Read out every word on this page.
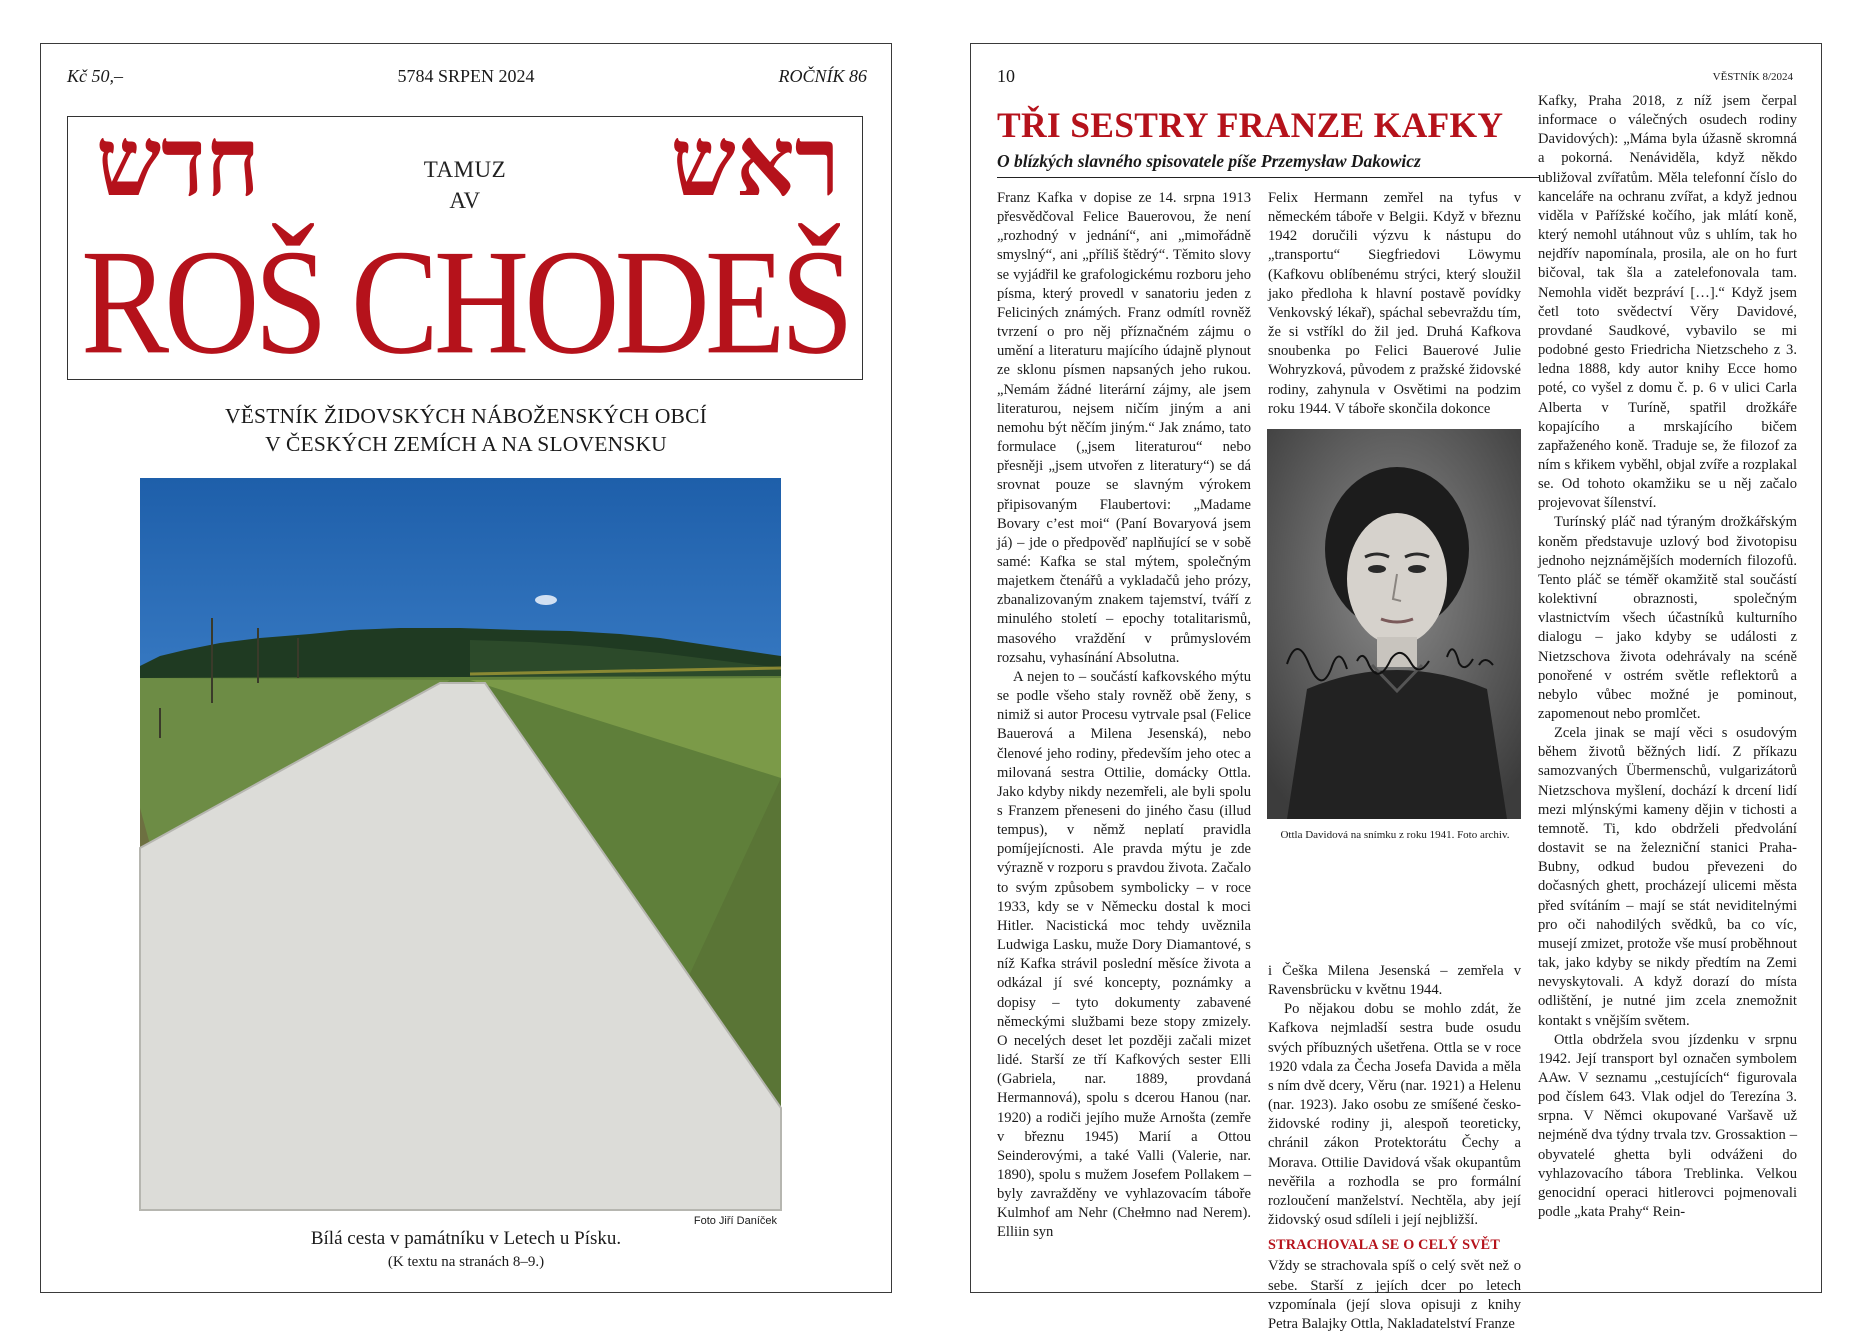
Kč 50,–	5784 SRPEN 2024	ROČNÍK 86
חדש	ראש
TAMUZ
AV
ROŠ CHODEŠ
VĚSTNÍK ŽIDOVSKÝCH NÁBOŽENSKÝCH OBCÍ
V ČESKÝCH ZEMÍCH A NA SLOVENSKU
Foto Jiří Daníček
Bílá cesta v památníku v Letech u Písku.
(K textu na stranách 8–9.)
10	VĚSTNÍK 8/2024
TŘI SESTRY FRANZE KAFKY
O blízkých slavného spisovatele píše Przemysław Dakowicz

Franz Kafka v dopise ze 14. srpna 1913 přesvědčoval Felice Bauerovou, že není „rozhodný v jednání“, ani „mimořádně smyslný“, ani „příliš štědrý“. Těmito slovy se vyjádřil ke grafologickému rozboru jeho písma, který provedl v sanatoriu jeden z Feliciných známých. Franz odmítl rovněž tvrzení o pro něj příznačném zájmu o umění a literaturu majícího údajně plynout ze sklonu písmen napsaných jeho rukou. „Nemám žádné literární zájmy, ale jsem literaturou, nejsem ničím jiným a ani nemohu být něčím jiným.“ Jak známo, tato formulace („jsem literaturou“ nebo přesněji „jsem utvořen z literatury“) se dá srovnat pouze se slavným výrokem připisovaným Flaubertovi: „Madame Bovary c’est moi“ (Paní Bovaryová jsem já) – jde o předpověď naplňující se v sobě samé: Kafka se stal mýtem, společným majetkem čtenářů a vykladačů jeho prózy, zbanalizovaným znakem tajemství, tváří z minulého století – epochy totalitarismů, masového vraždění v průmyslovém rozsahu, vyhasínání Absolutna.

A nejen to – součástí kafkovského mýtu se podle všeho staly rovněž obě ženy, s nimiž si autor Procesu vytrvale psal (Felice Bauerová a Milena Jesenská), nebo členové jeho rodiny, především jeho otec a milovaná sestra Ottilie, domácky Ottla. Jako kdyby nikdy nezemřeli, ale byli spolu s Franzem přeneseni do jiného času (illud tempus), v němž neplatí pravidla pomíjejícnosti. Ale pravda mýtu je zde výrazně v rozporu s pravdou života. Začalo to svým způsobem symbolicky – v roce 1933, kdy se v Německu dostal k moci Hitler. Nacistická moc tehdy uvěznila Ludwiga Lasku, muže Dory Diamantové, s níž Kafka strávil poslední měsíce života a odkázal jí své koncepty, poznámky a dopisy – tyto dokumenty zabavené německými službami beze stopy zmizely. O necelých deset let později začali mizet lidé. Starší ze tří Kafkových sester Elli (Gabriela, nar. 1889, provdaná Hermannová), spolu s dcerou Hanou (nar. 1920) a rodiči jejího muže Arnošta (zemře v březnu 1945) Marií a Ottou Seinderovými, a také Valli (Valerie, nar. 1890), spolu s mužem Josefem Pollakem – byly zavražděny ve vyhlazovacím táboře Kulmhof am Nehr (Chełmno nad Nerem). Elliin syn

Felix Hermann zemřel na tyfus v německém táboře v Belgii. Když v březnu 1942 doručili výzvu k nástupu do „transportu“ Siegfriedovi Löwymu (Kafkovu oblíbenému strýci, který sloužil jako předloha k hlavní postavě povídky Venkovský lékař), spáchal sebevraždu tím, že si vstříkl do žil jed. Druhá Kafkova snoubenka po Felici Bauerové Julie Wohryzková, původem z pražské židovské rodiny, zahynula v Osvětimi na podzim roku 1944. V táboře skončila dokonce

Ottla Davidová na snímku z roku 1941. Foto archiv.

i Češka Milena Jesenská – zemřela v Ravensbrücku v květnu 1944.

Po nějakou dobu se mohlo zdát, že Kafkova nejmladší sestra bude osudu svých příbuzných ušetřena. Ottla se v roce 1920 vdala za Čecha Josefa Davida a měla s ním dvě dcery, Věru (nar. 1921) a Helenu (nar. 1923). Jako osobu ze smíšené česko-židovské rodiny ji, alespoň teoreticky, chránil zákon Protektorátu Čechy a Morava. Ottilie Davidová však okupantům nevěřila a rozhodla se pro formální rozloučení manželství. Nechtěla, aby její židovský osud sdíleli i její nejbližší.

STRACHOVALA SE O CELÝ SVĚT

Vždy se strachovala spíš o celý svět než o sebe. Starší z jejích dcer po letech vzpomínala (její slova opisuji z knihy Petra Balajky Ottla, Nakladatelství Franze

Kafky, Praha 2018, z níž jsem čerpal informace o válečných osudech rodiny Davidových): „Máma byla úžasně skromná a pokorná. Nenáviděla, když někdo ubližoval zvířatům. Měla telefonní číslo do kanceláře na ochranu zvířat, a když jednou viděla v Pařížské kočího, jak mlátí koně, který nemohl utáhnout vůz s uhlím, tak ho nejdřív napomínala, prosila, ale on ho furt bičoval, tak šla a zatelefonovala tam. Nemohla vidět bezpráví […].“ Když jsem četl toto svědectví Věry Davidové, provdané Saudkové, vybavilo se mi podobné gesto Friedricha Nietzscheho z 3. ledna 1888, kdy autor knihy Ecce homo poté, co vyšel z domu č. p. 6 v ulici Carla Alberta v Turíně, spatřil drožkáře kopajícího a mrskajícího bičem zapřaženého koně. Traduje se, že filozof za ním s křikem vyběhl, objal zvíře a rozplakal se. Od tohoto okamžiku se u něj začalo projevovat šílenství.

Turínský pláč nad týraným drožkářským koněm představuje uzlový bod životopisu jednoho nejznámějších moderních filozofů. Tento pláč se téměř okamžitě stal součástí kolektivní obraznosti, společným vlastnictvím všech účastníků kulturního dialogu – jako kdyby se události z Nietzschova života odehrávaly na scéně ponořené v ostrém světle reflektorů a nebylo vůbec možné je pominout, zapomenout nebo promlčet.

Zcela jinak se mají věci s osudovým během životů běžných lidí. Z příkazu samozvaných Übermenschů, vulgarizátorů Nietzschova myšlení, dochází k drcení lidí mezi mlýnskými kameny dějin v tichosti a temnotě. Ti, kdo obdrželi předvolání dostavit se na železniční stanici Praha-Bubny, odkud budou převezeni do dočasných ghett, procházejí ulicemi města před svítáním – mají se stát neviditelnými pro oči nahodilých svědků, ba co víc, musejí zmizet, protože vše musí proběhnout tak, jako kdyby se nikdy předtím na Zemi nevyskytovali. A když dorazí do místa odlištění, je nutné jim zcela znemožnit kontakt s vnějším světem.

Ottla obdržela svou jízdenku v srpnu 1942. Její transport byl označen symbolem AAw. V seznamu „cestujících“ figurovala pod číslem 643. Vlak odjel do Terezína 3. srpna. V Němci okupované Varšavě už nejméně dva týdny trvala tzv. Grossaktion – obyvatelé ghetta byli odváženi do vyhlazovacího tábora Treblinka. Velkou genocidní operaci hitlerovci pojmenovali podle „kata Prahy“ Rein-
